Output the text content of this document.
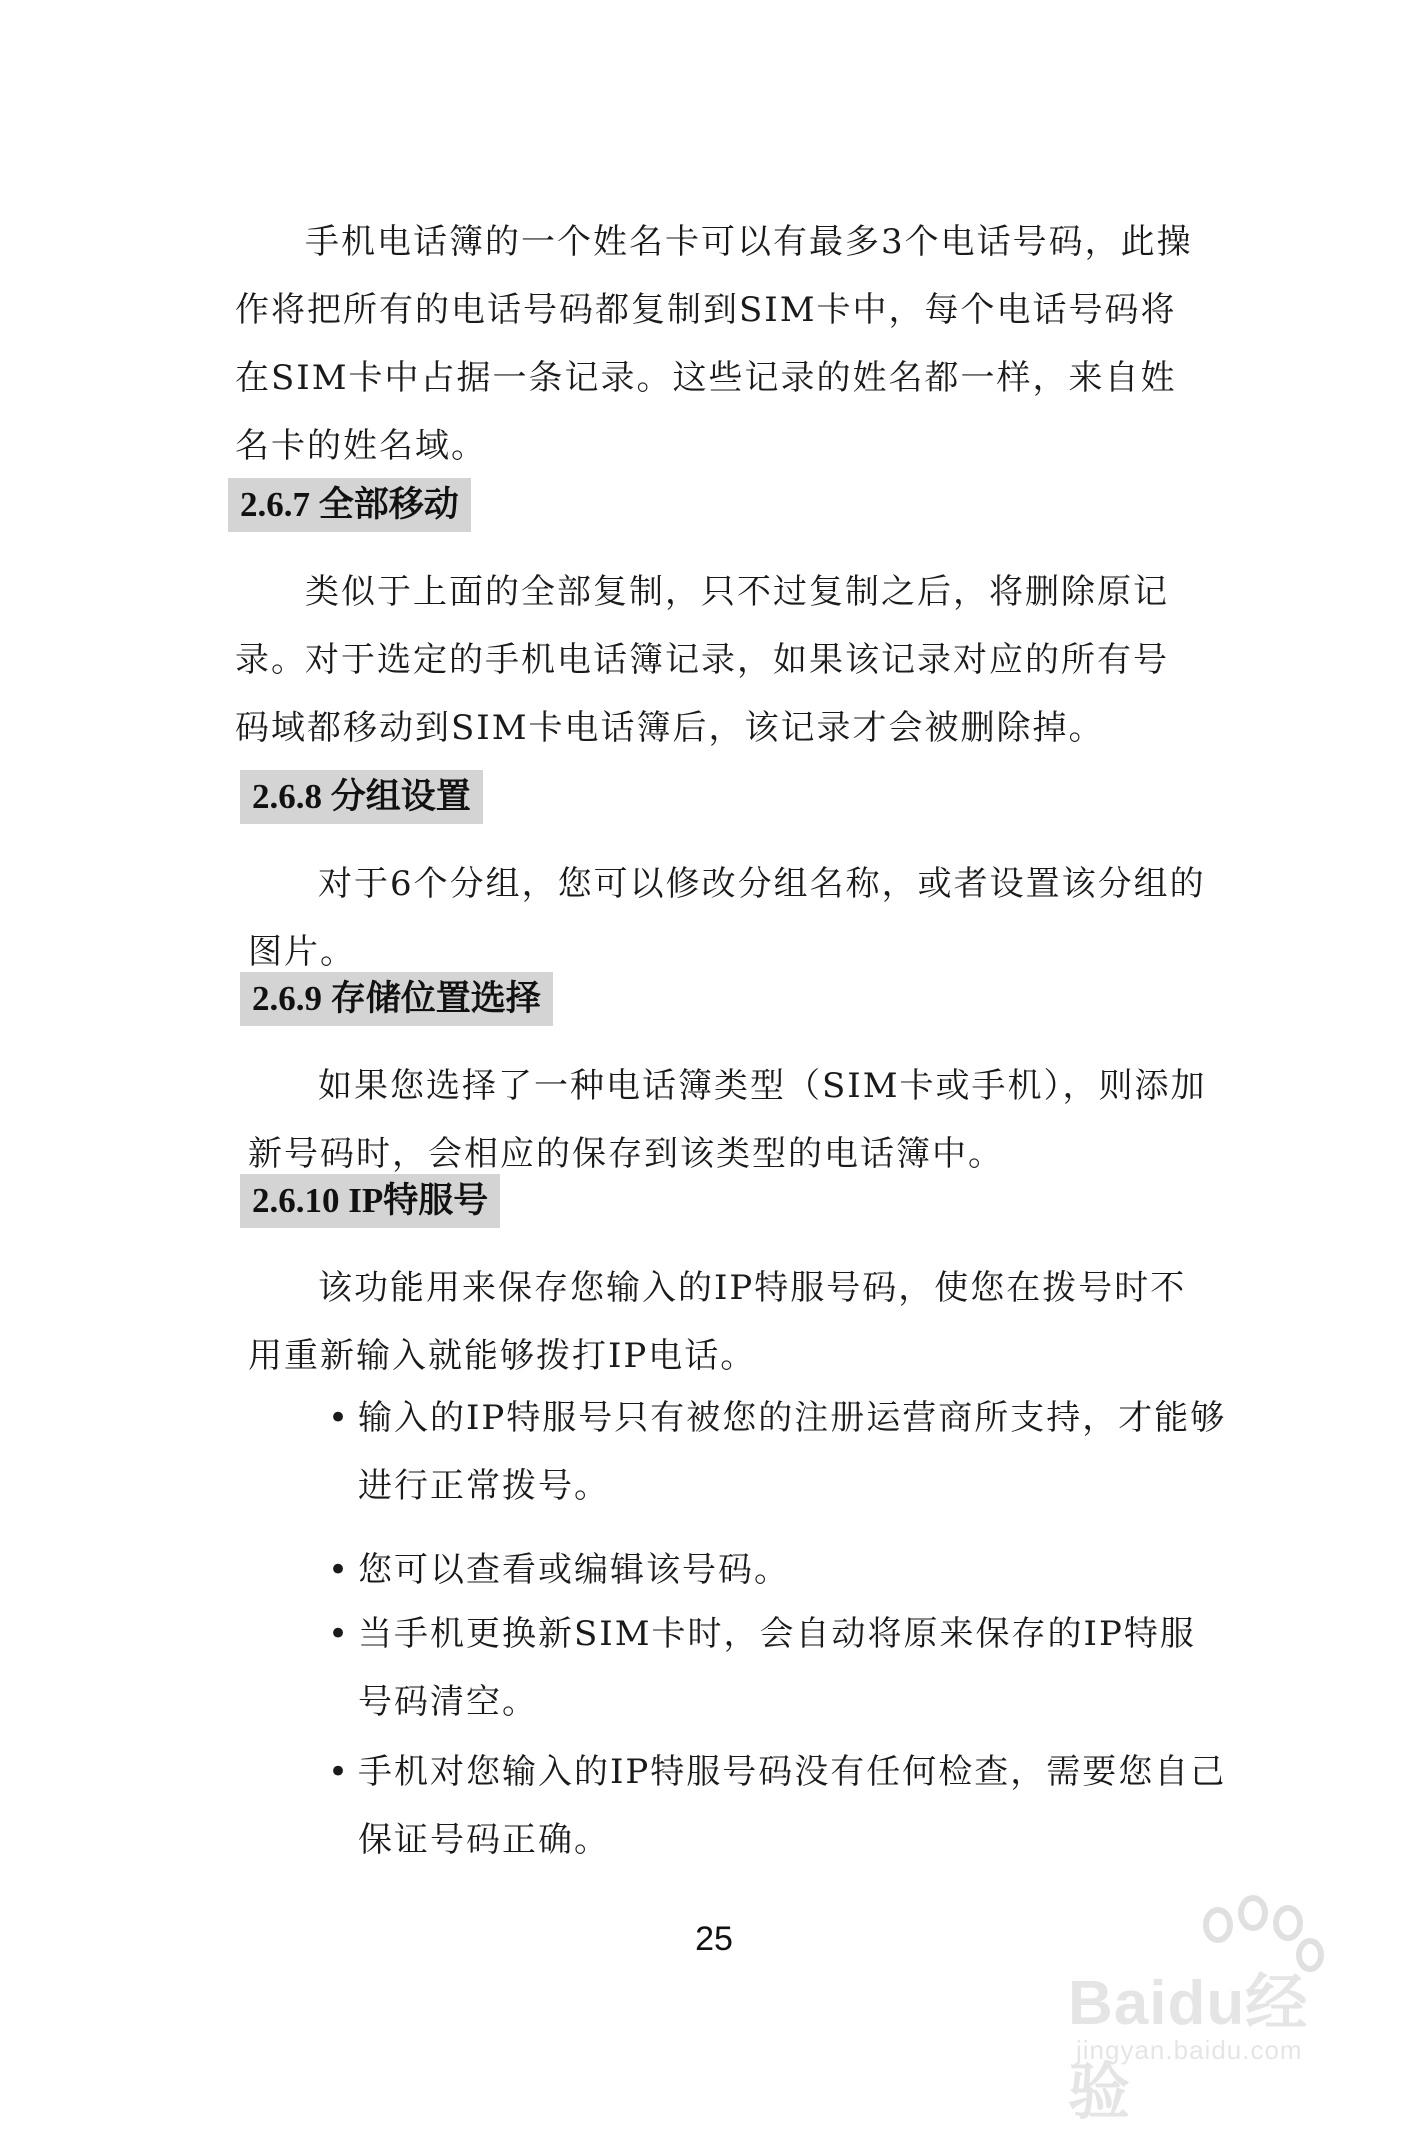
手机电话簿的一个姓名卡可以有最多3个电话号码，此操作将把所有的电话号码都复制到SIM卡中，每个电话号码将在SIM卡中占据一条记录。这些记录的姓名都一样，来自姓名卡的姓名域。

2.6.7 全部移动

类似于上面的全部复制，只不过复制之后，将删除原记录。

对于选定的手机电话簿记录，如果该记录对应的所有号码域都移动到SIM卡电话簿后，该记录才会被删除掉。

2.6.8 分组设置

对于6个分组，您可以修改分组名称，或者设置该分组的图片。

2.6.9 存储位置选择

如果您选择了一种电话簿类型（SIM卡或手机），则添加新号码时，会相应的保存到该类型的电话簿中。

2.6.10 IP特服号

该功能用来保存您输入的IP特服号码，使您在拨号时不用重新输入就能够拨打IP电话。

• 输入的IP特服号只有被您的注册运营商所支持，才能够进行正常拨号。
• 您可以查看或编辑该号码。
• 当手机更换新SIM卡时，会自动将原来保存的IP特服号码清空。
• 手机对您输入的IP特服号码没有任何检查，需要您自己保证号码正确。
25
Baidu经验
jingyan.baidu.com
